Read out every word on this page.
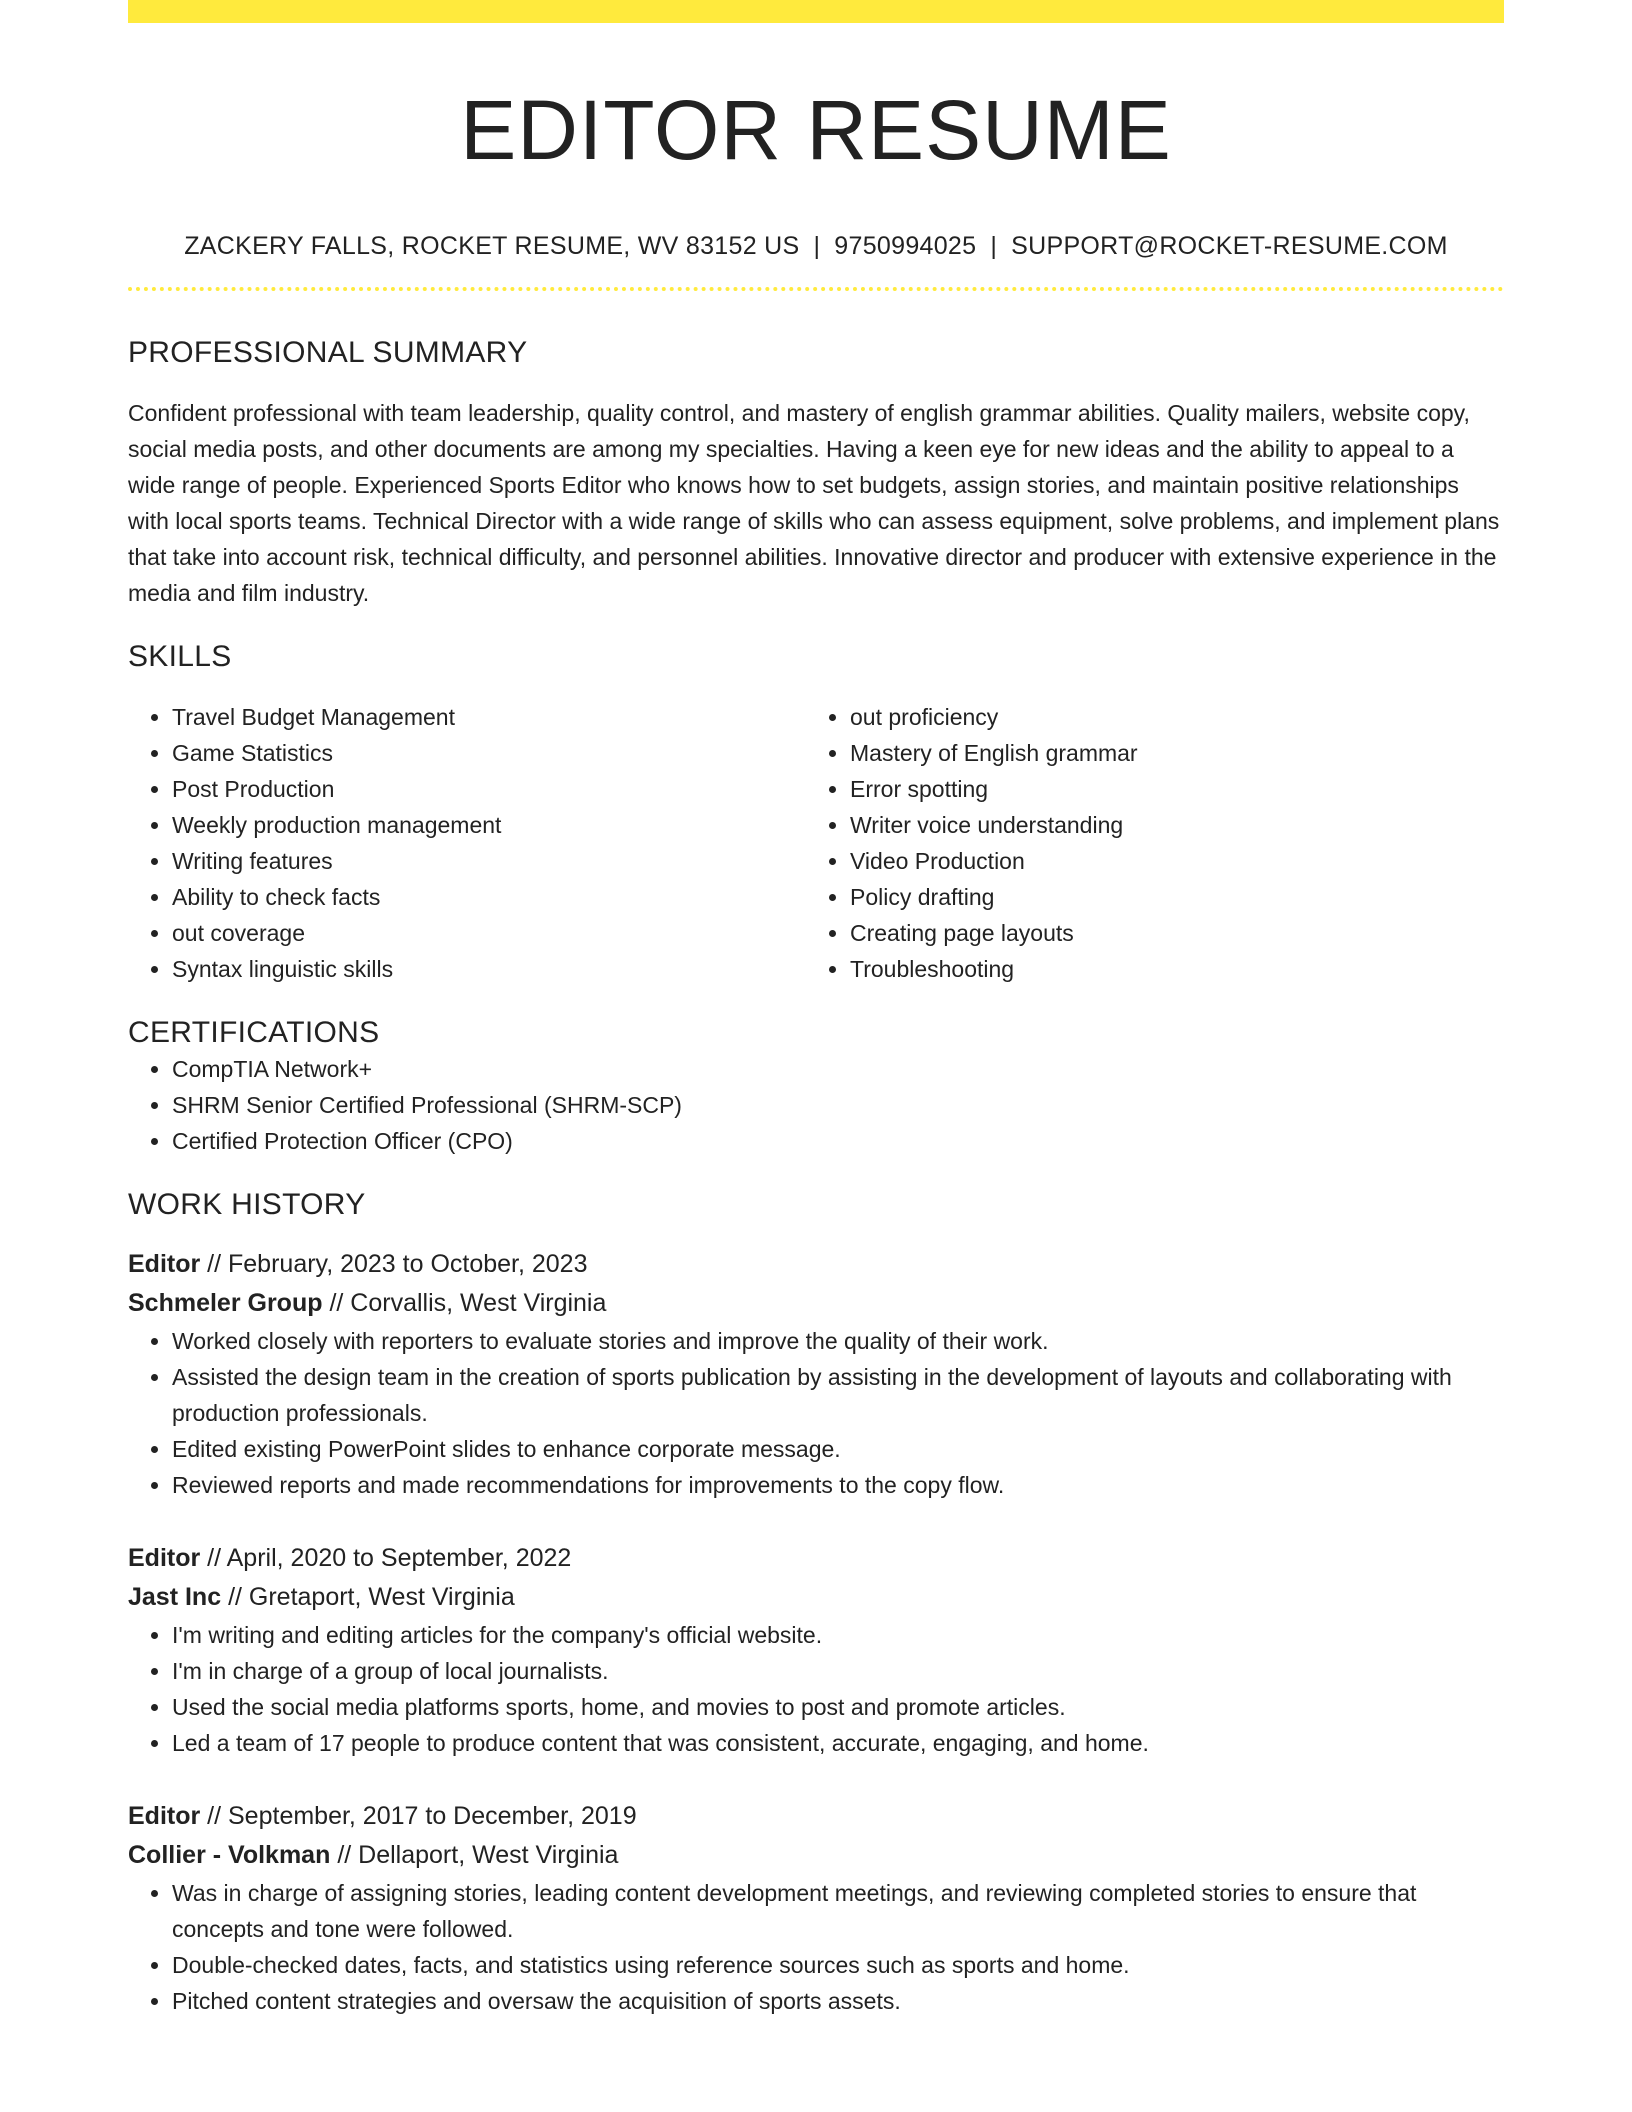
EDITOR RESUME
ZACKERY FALLS, ROCKET RESUME, WV 83152 US | 9750994025 | SUPPORT@ROCKET-RESUME.COM
PROFESSIONAL SUMMARY
Confident professional with team leadership, quality control, and mastery of english grammar abilities. Quality mailers, website copy, social media posts, and other documents are among my specialties. Having a keen eye for new ideas and the ability to appeal to a wide range of people. Experienced Sports Editor who knows how to set budgets, assign stories, and maintain positive relationships with local sports teams. Technical Director with a wide range of skills who can assess equipment, solve problems, and implement plans that take into account risk, technical difficulty, and personnel abilities. Innovative director and producer with extensive experience in the media and film industry.
SKILLS
• Travel Budget Management
• Game Statistics
• Post Production
• Weekly production management
• Writing features
• Ability to check facts
• out coverage
• Syntax linguistic skills
• out proficiency
• Mastery of English grammar
• Error spotting
• Writer voice understanding
• Video Production
• Policy drafting
• Creating page layouts
• Troubleshooting
CERTIFICATIONS
• CompTIA Network+
• SHRM Senior Certified Professional (SHRM-SCP)
• Certified Protection Officer (CPO)
WORK HISTORY
Editor // February, 2023 to October, 2023
Schmeler Group // Corvallis, West Virginia
• Worked closely with reporters to evaluate stories and improve the quality of their work.
• Assisted the design team in the creation of sports publication by assisting in the development of layouts and collaborating with production professionals.
• Edited existing PowerPoint slides to enhance corporate message.
• Reviewed reports and made recommendations for improvements to the copy flow.
Editor // April, 2020 to September, 2022
Jast Inc // Gretaport, West Virginia
• I'm writing and editing articles for the company's official website.
• I'm in charge of a group of local journalists.
• Used the social media platforms sports, home, and movies to post and promote articles.
• Led a team of 17 people to produce content that was consistent, accurate, engaging, and home.
Editor // September, 2017 to December, 2019
Collier - Volkman // Dellaport, West Virginia
• Was in charge of assigning stories, leading content development meetings, and reviewing completed stories to ensure that concepts and tone were followed.
• Double-checked dates, facts, and statistics using reference sources such as sports and home.
• Pitched content strategies and oversaw the acquisition of sports assets.
